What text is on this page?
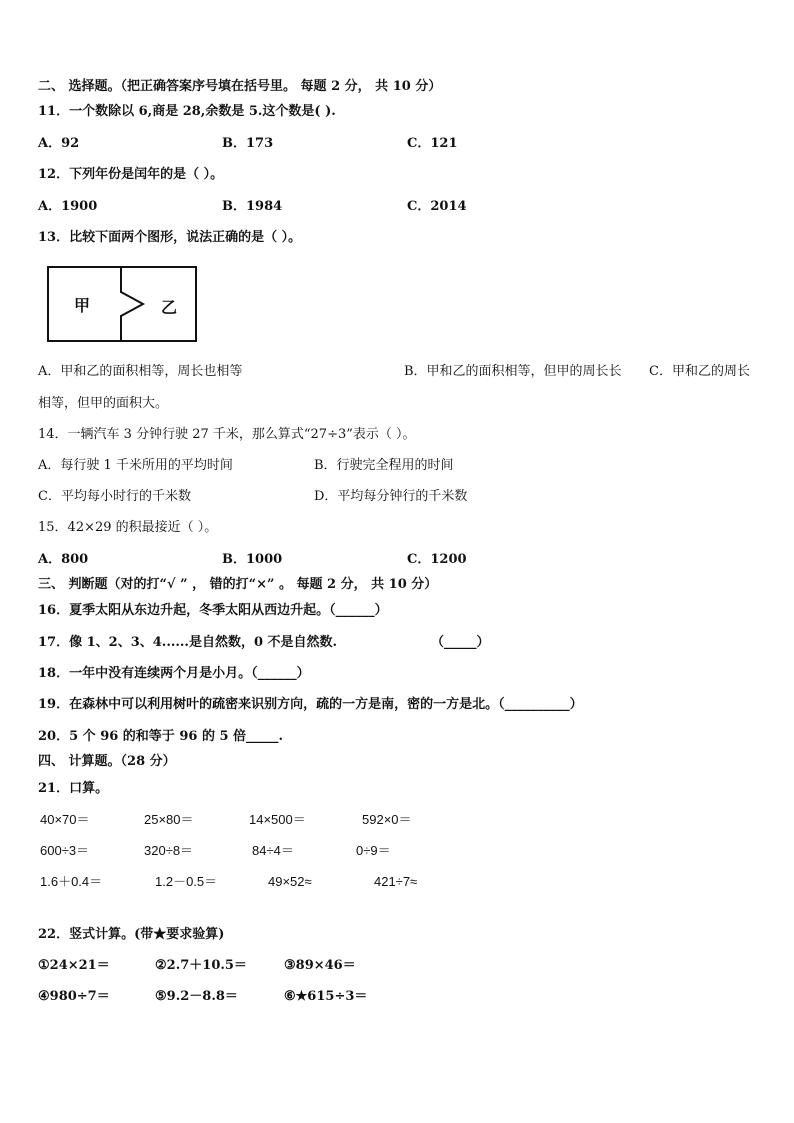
二、 选择题。（把正确答案序号填在括号里。 每题 2 分， 共 10 分）
11．一个数除以 6,商是 28,余数是 5.这个数是( ).
A．92	B．173	C．121
12．下列年份是闰年的是（ ）。
A．1900	B．1984	C．2014
13．比较下面两个图形，说法正确的是（ ）。
甲	乙
A．甲和乙的面积相等，周长也相等	B．甲和乙的面积相等，但甲的周长长 C．甲和乙的周长
相等，但甲的面积大。
14．一辆汽车 3 分钟行驶 27 千米，那么算式“27÷3”表示（ ）。
A．每行驶 1 千米所用的平均时间	B．行驶完全程用的时间
C．平均每小时行的千米数	D．平均每分钟行的千米数
15．42×29 的积最接近（ ）。
A．800	B．1000	C．1200
三、 判断题（对的打“√ ” ， 错的打“×” 。 每题 2 分， 共 10 分）
16．夏季太阳从东边升起，冬季太阳从西边升起。（______）
17．像 1、2、3、4......是自然数，0 不是自然数.	（_____）
18．一年中没有连续两个月是小月。（______）
19．在森林中可以利用树叶的疏密来识别方向，疏的一方是南，密的一方是北。（__________）
20．5 个 96 的和等于 96 的 5 倍_____.
四、 计算题。（28 分）
21．口算。
40×70＝	25×80＝	14×500＝	592×0＝
600÷3＝	320÷8＝	84÷4＝	0÷9＝
1.6＋0.4＝	1.2－0.5＝	49×52≈	421÷7≈
22．竖式计算。(带★要求验算)
①24×21＝	②2.7＋10.5＝	③89×46＝
④980÷7＝	⑤9.2－8.8＝	⑥★615÷3＝
